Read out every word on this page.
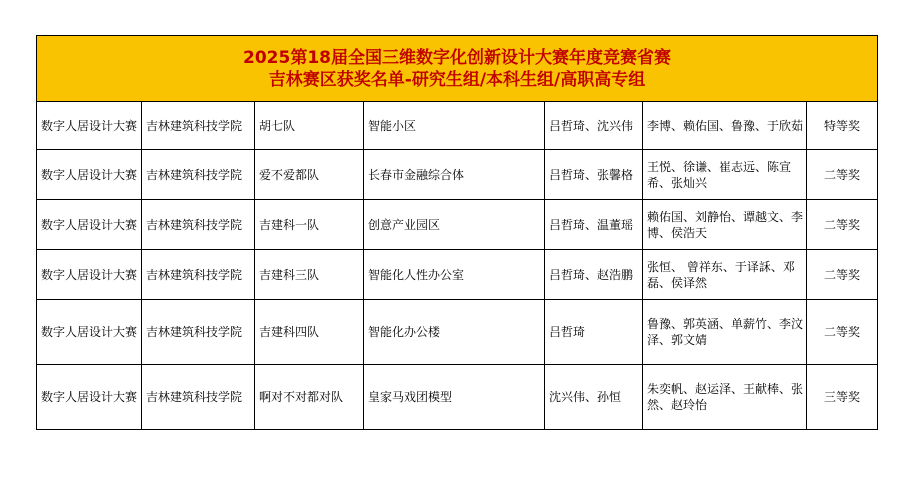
2025第18届全国三维数字化创新设计大赛年度竞赛省赛
吉林赛区获奖名单-研究生组/本科生组/高职高专组						

数字人居设计大赛	吉林建筑科技学院	胡七队	智能小区	吕哲琦、沈兴伟	李博、赖佑国、鲁豫、于欣茹	特等奖
数字人居设计大赛	吉林建筑科技学院	爱不爱都队	长春市金融综合体	吕哲琦、张馨格	王悦、徐谦、崔志远、陈宣希、张灿兴	二等奖
数字人居设计大赛	吉林建筑科技学院	吉建科一队	创意产业园区	吕哲琦、温董瑶	赖佑国、刘静怡、谭越文、李博、侯浩天	二等奖
数字人居设计大赛	吉林建筑科技学院	吉建科三队	智能化人性办公室	吕哲琦、赵浩鹏	张恒、 曾祥东、于译訸、邓磊、侯译然	二等奖
数字人居设计大赛	吉林建筑科技学院	吉建科四队	智能化办公楼	吕哲琦	鲁豫、郭英涵、单薪竹、李汶泽、郭文婧	二等奖
数字人居设计大赛	吉林建筑科技学院	啊对不对都对队	皇家马戏团模型	沈兴伟、孙恒	朱奕帆、赵运泽、王献棒、张然、赵玲怡	三等奖
